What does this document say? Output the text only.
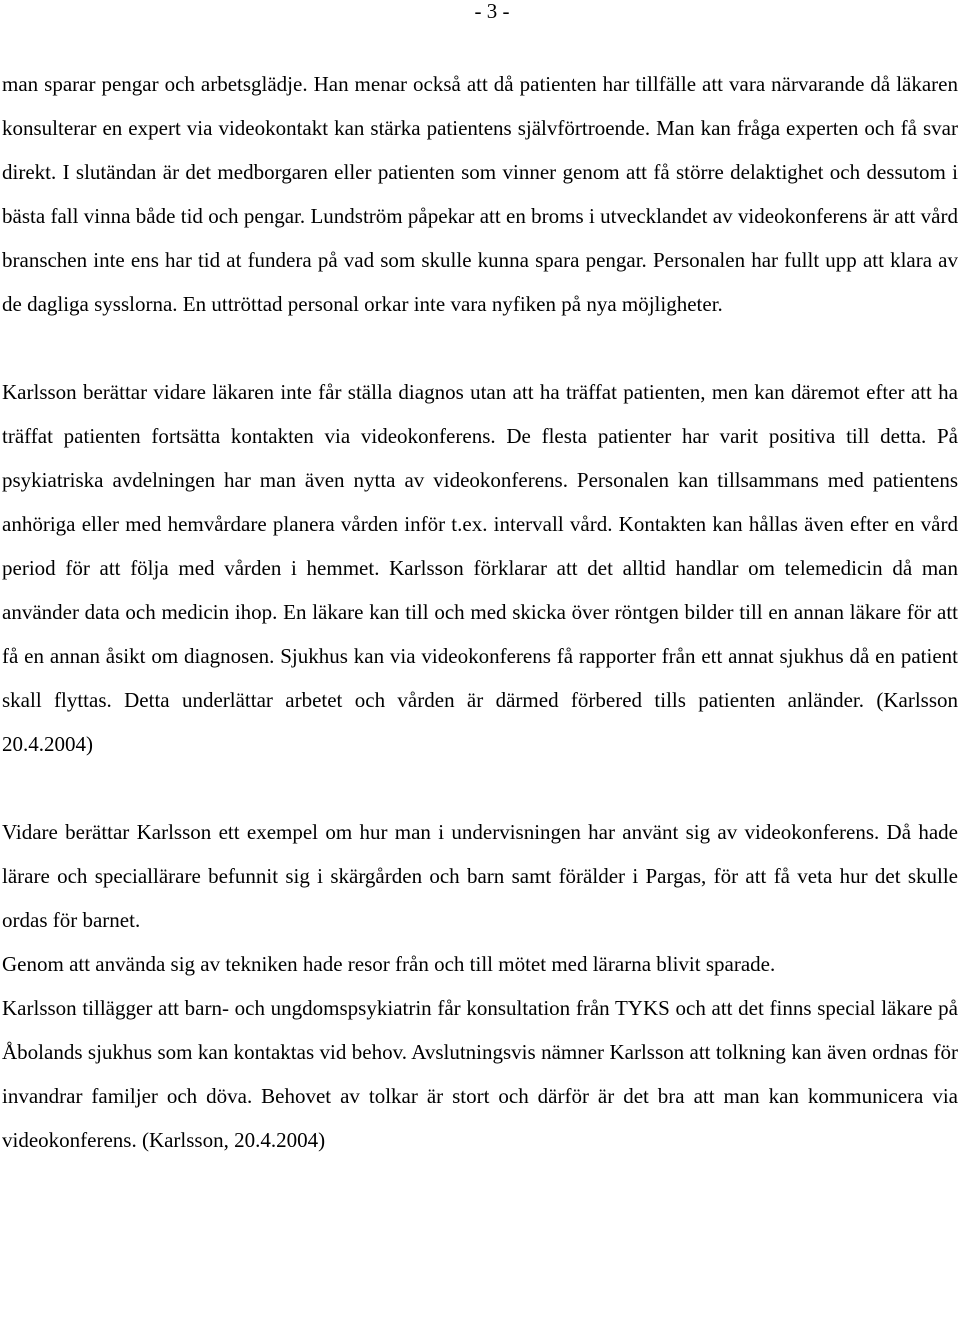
- 3 -

man sparar pengar och arbetsglädje. Han menar också att då patienten har tillfälle att vara närvarande då läkaren konsulterar en expert via videokontakt kan stärka patientens självförtroende. Man kan fråga experten och få svar direkt. I slutändan är det medborgaren eller patienten som vinner genom att få större delaktighet och dessutom i bästa fall vinna både tid och pengar. Lundström påpekar att en broms i utvecklandet av videokonferens är att vård branschen inte ens har tid at fundera på vad som skulle kunna spara pengar. Personalen har fullt upp att klara av de dagliga sysslorna. En uttröttad personal orkar inte vara nyfiken på nya möjligheter.

Karlsson berättar vidare läkaren inte får ställa diagnos utan att ha träffat patienten, men kan däremot efter att ha träffat patienten fortsätta kontakten via videokonferens. De flesta patienter har varit positiva till detta. På psykiatriska avdelningen har man även nytta av videokonferens. Personalen kan tillsammans med patientens anhöriga eller med hemvårdare planera vården inför t.ex. intervall vård. Kontakten kan hållas även efter en vård period för att följa med vården i hemmet. Karlsson förklarar att det alltid handlar om telemedicin då man använder data och medicin ihop. En läkare kan till och med skicka över röntgen bilder till en annan läkare för att få en annan åsikt om diagnosen. Sjukhus kan via videokonferens få rapporter från ett annat sjukhus då en patient skall flyttas. Detta underlättar arbetet och vården är därmed förbered tills patienten anländer. (Karlsson 20.4.2004)

Vidare berättar Karlsson ett exempel om hur man i undervisningen har använt sig av videokonferens. Då hade lärare och speciallärare befunnit sig i skärgården och barn samt förälder i Pargas, för att få veta hur det skulle ordas för barnet.

Genom att använda sig av tekniken hade resor från och till mötet med lärarna blivit sparade.

Karlsson tillägger att barn- och ungdomspsykiatrin får konsultation från TYKS och att det finns special läkare på Åbolands sjukhus som kan kontaktas vid behov. Avslutningsvis nämner Karlsson att tolkning kan även ordnas för invandrar familjer och döva. Behovet av tolkar är stort och därför är det bra att man kan kommunicera via videokonferens. (Karlsson, 20.4.2004)
